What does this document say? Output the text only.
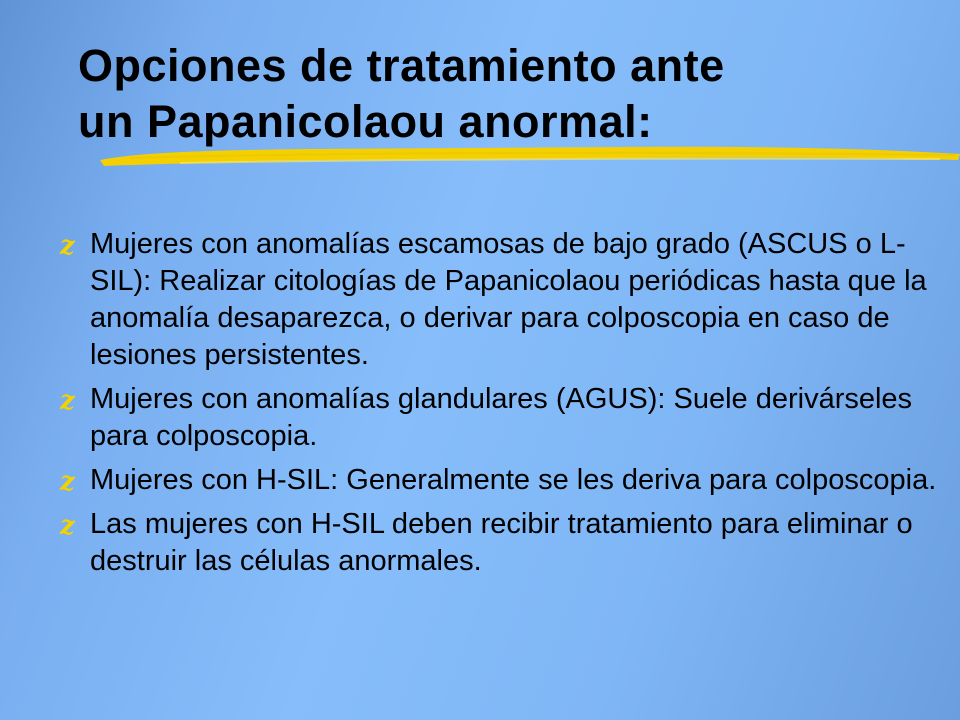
Opciones de tratamiento ante
un Papanicolaou anormal:
z Mujeres con anomalías escamosas de bajo grado (ASCUS o L-SIL): Realizar citologías de Papanicolaou periódicas hasta que la anomalía desaparezca, o derivar para colposcopia en caso de lesiones persistentes.
z Mujeres con anomalías glandulares (AGUS): Suele derivárseles para colposcopia.
z Mujeres con H-SIL: Generalmente se les deriva para colposcopia.
z Las mujeres con H-SIL deben recibir tratamiento para eliminar o destruir las células anormales.
